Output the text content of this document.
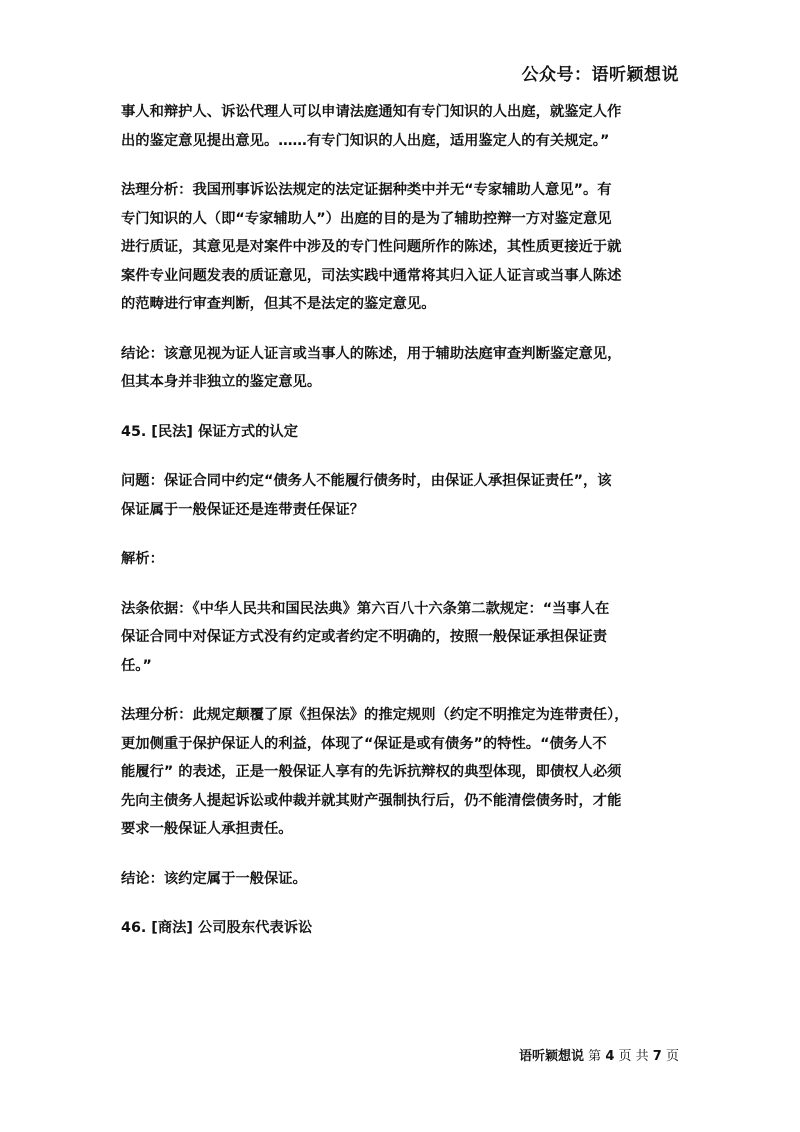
公众号：语听颖想说
事人和辩护人、诉讼代理人可以申请法庭通知有专门知识的人出庭，就鉴定人作
出的鉴定意见提出意见。……有专门知识的人出庭，适用鉴定人的有关规定。”
法理分析：我国刑事诉讼法规定的法定证据种类中并无“专家辅助人意见”。有
专门知识的人（即“专家辅助人”）出庭的目的是为了辅助控辩一方对鉴定意见
进行质证，其意见是对案件中涉及的专门性问题所作的陈述，其性质更接近于就
案件专业问题发表的质证意见，司法实践中通常将其归入证人证言或当事人陈述
的范畴进行审查判断，但其不是法定的鉴定意见。
结论：该意见视为证人证言或当事人的陈述，用于辅助法庭审查判断鉴定意见，
但其本身并非独立的鉴定意见。
45. [民法] 保证方式的认定
问题：保证合同中约定“债务人不能履行债务时，由保证人承担保证责任”，该
保证属于一般保证还是连带责任保证？
解析：
法条依据：《中华人民共和国民法典》第六百八十六条第二款规定：“当事人在
保证合同中对保证方式没有约定或者约定不明确的，按照一般保证承担保证责
任。”
法理分析：此规定颠覆了原《担保法》的推定规则（约定不明推定为连带责任），
更加侧重于保护保证人的利益，体现了“保证是或有债务”的特性。“债务人不
能履行” 的表述，正是一般保证人享有的先诉抗辩权的典型体现，即债权人必须
先向主债务人提起诉讼或仲裁并就其财产强制执行后，仍不能清偿债务时，才能
要求一般保证人承担责任。
结论：该约定属于一般保证。
46. [商法] 公司股东代表诉讼
语听颖想说 第 4 页 共 7 页
